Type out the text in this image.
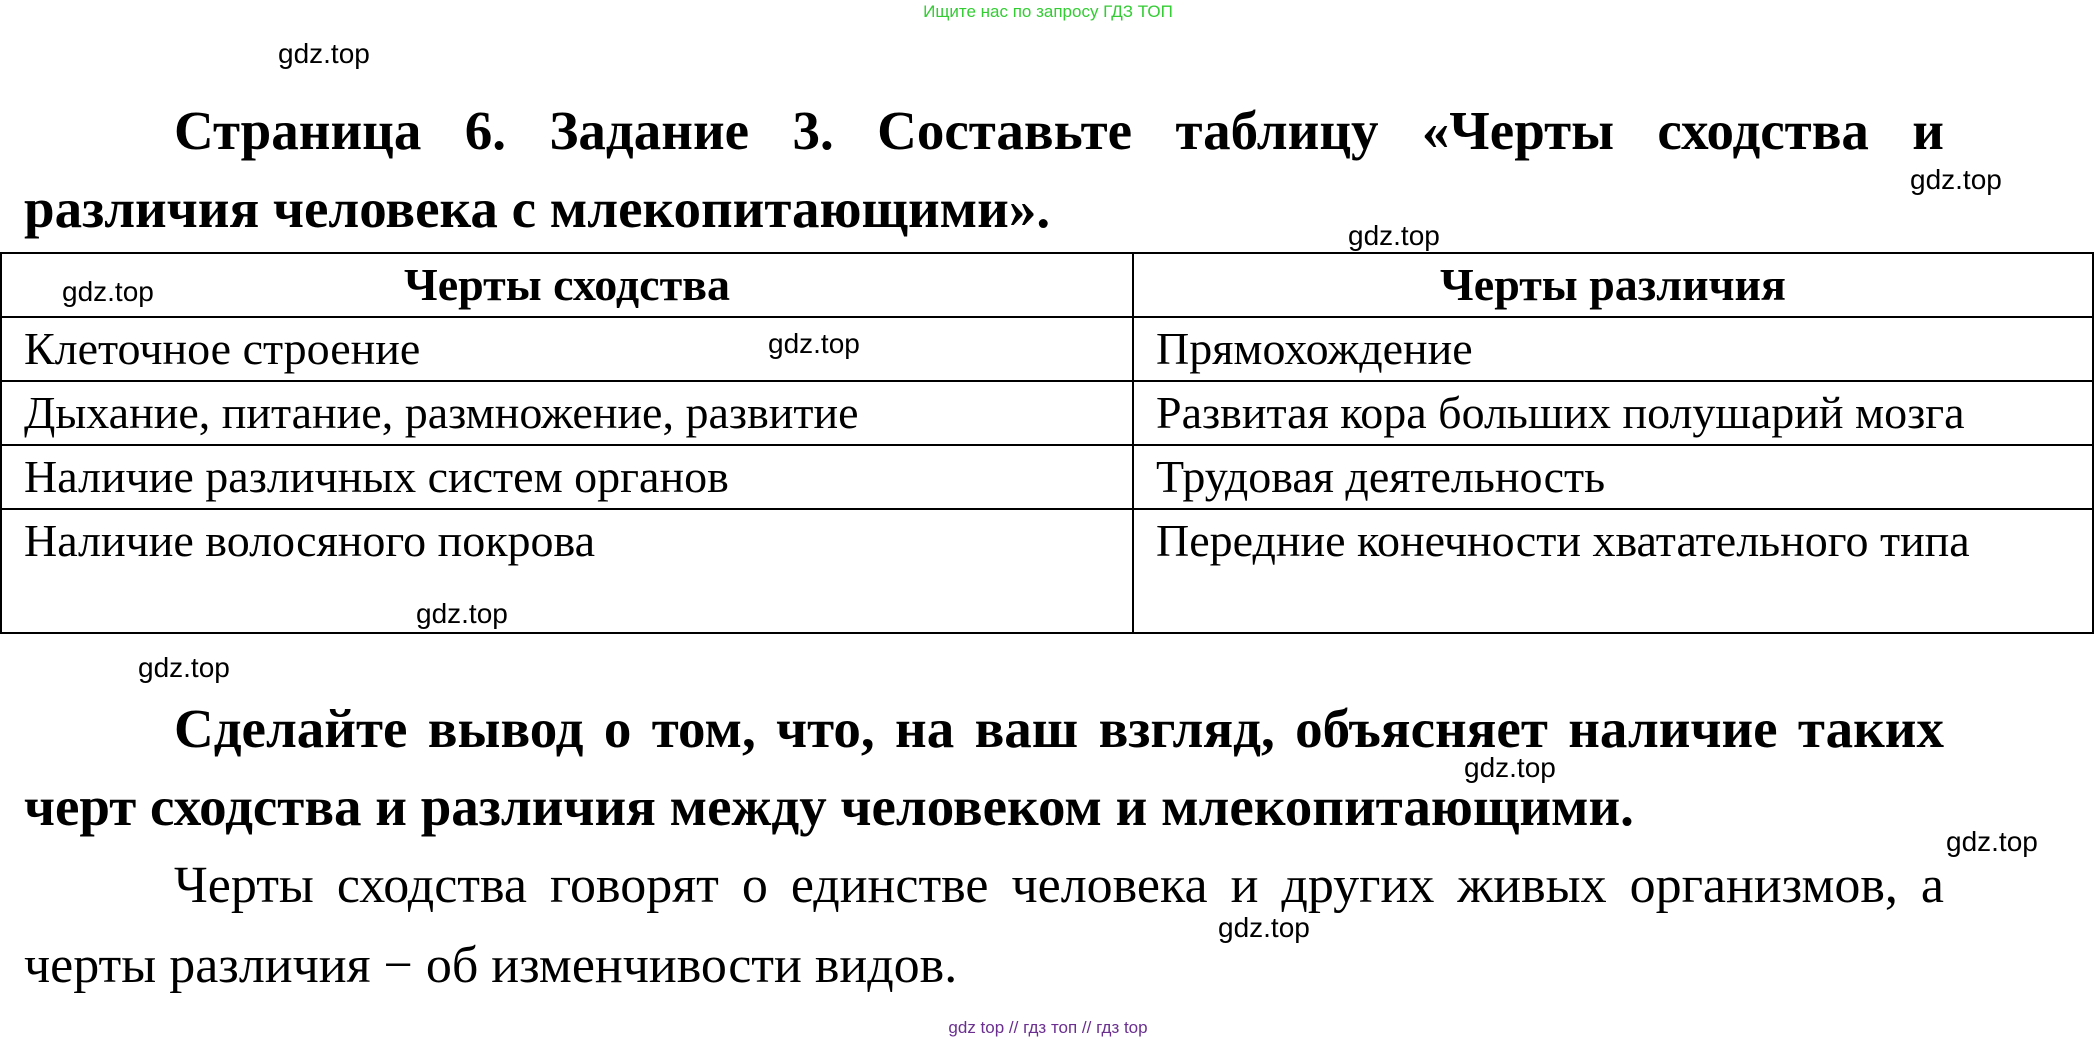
Ищите нас по запросу ГДЗ ТОП
gdz.top

Страница 6. Задание 3. Составьте таблицу «Черты сходства и различия человека с млекопитающими».	gdz.top
gdz.top
Черты сходства	Черты различия
Клеточное строение	Прямохождение
Дыхание, питание, размножение, развитие	Развитая кора больших полушарий мозга
Наличие различных систем органов	Трудовая деятельность
Наличие волосяного покрова	Передние конечности хватательного типа
gdz.top
gdz.top
gdz.top
gdz.top

Сделайте вывод о том, что, на ваш взгляд, объясняет наличие таких черт сходства и различия между человеком и млекопитающими.

gdz.top
gdz.top

Черты сходства говорят о единстве человека и других живых организмов, а черты различия − об изменчивости видов.

gdz.top
gdz top // гдз топ // гдз top
